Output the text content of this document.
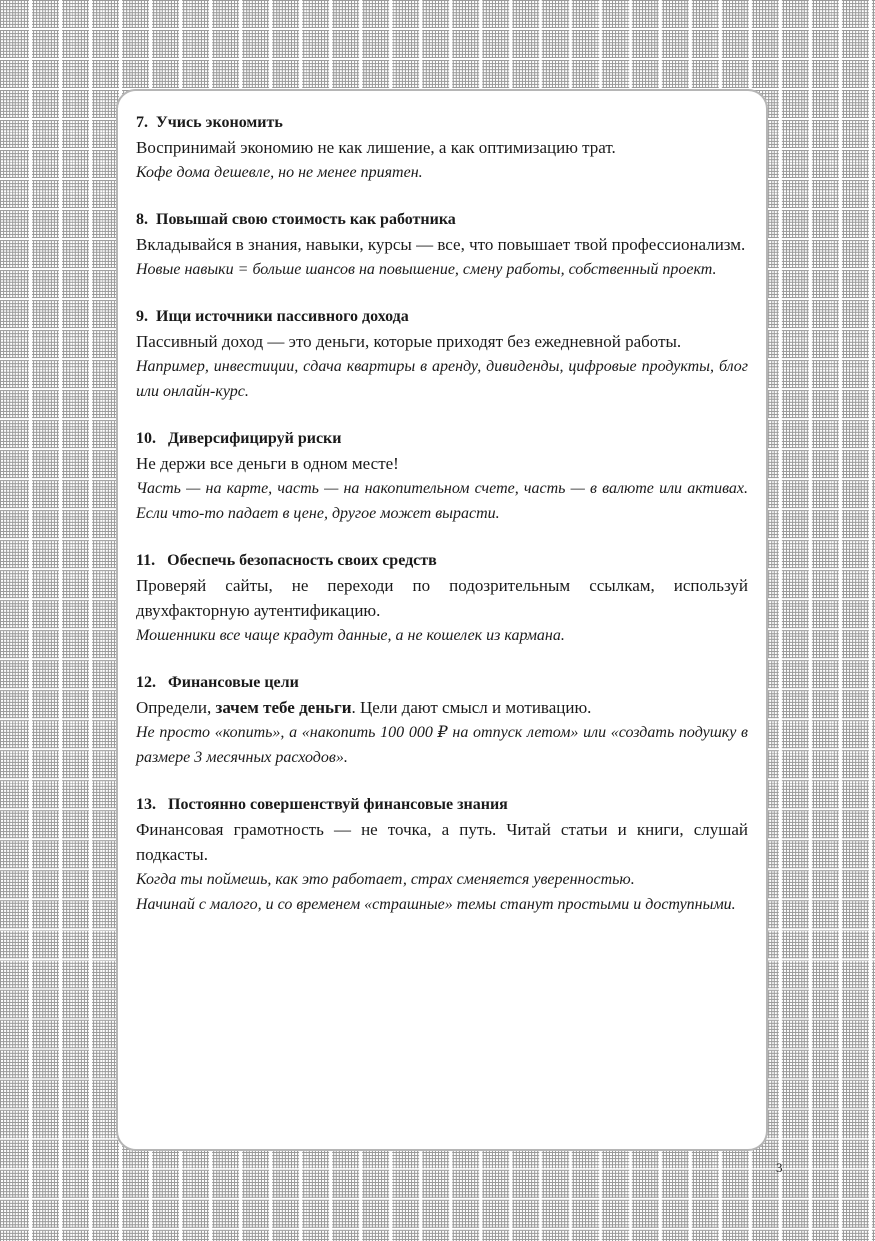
7.  Учись экономить
Воспринимай экономию не как лишение, а как оптимизацию трат.
Кофе дома дешевле, но не менее приятен.
8.  Повышай свою стоимость как работника
Вкладывайся в знания, навыки, курсы — все, что повышает твой профессионализм.
Новые навыки = больше шансов на повышение, смену работы, собственный проект.
9.  Ищи источники пассивного дохода
Пассивный доход — это деньги, которые приходят без ежедневной работы.
Например, инвестиции, сдача квартиры в аренду, дивиденды, цифровые продукты, блог или онлайн-курс.
10.   Диверсифицируй риски
Не держи все деньги в одном месте!
Часть — на карте, часть — на накопительном счете, часть — в валюте или активах. Если что-то падает в цене, другое может вырасти.
11.   Обеспечь безопасность своих средств
Проверяй сайты, не переходи по подозрительным ссылкам, используй двухфакторную аутентификацию.
Мошенники все чаще крадут данные, а не кошелек из кармана.
12.   Финансовые цели
Определи, зачем тебе деньги. Цели дают смысл и мотивацию.
Не просто «копить», а «накопить 100 000 ₽ на отпуск летом» или «создать подушку в размере 3 месячных расходов».
13.   Постоянно совершенствуй финансовые знания
Финансовая грамотность — не точка, а путь. Читай статьи и книги, слушай подкасты.
Когда ты поймешь, как это работает, страх сменяется уверенностью.
Начинай с малого, и со временем «страшные» темы станут простыми и доступными.
3
